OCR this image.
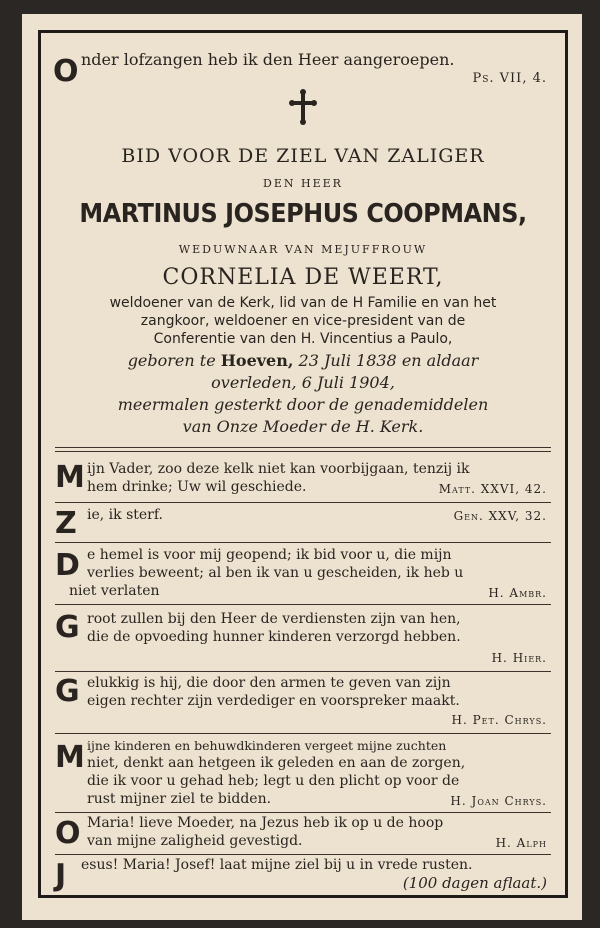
O nder lofzangen heb ik den Heer aangeroepen.
Ps. VII, 4.
BID VOOR DE ZIEL VAN ZALIGER
DEN HEER
MARTINUS JOSEPHUS COOPMANS,
WEDUWNAAR VAN MEJUFFROUW
CORNELIA DE WEERT,
weldoener van de Kerk, lid van de H Familie en van het
zangkoor, weldoener en vice-president van de
Conferentie van den H. Vincentius a Paulo,
geboren te Hoeven, 23 Juli 1838 en aldaar
overleden, 6 Juli 1904,
meermalen gesterkt door de genademiddelen
van Onze Moeder de H. Kerk.
M ijn Vader, zoo deze kelk niet kan voorbijgaan, tenzij ik
hem drinke; Uw wil geschiede.	Matt. XXVI, 42.
Z ie, ik sterf.	Gen. XXV, 32.
D e hemel is voor mij geopend; ik bid voor u, die mijn
verlies beweent; al ben ik van u gescheiden, ik heb u
niet verlaten	H. Ambr.
G root zullen bij den Heer de verdiensten zijn van hen,
die de opvoeding hunner kinderen verzorgd hebben.
H. Hier.
G elukkig is hij, die door den armen te geven van zijn
eigen rechter zijn verdediger en voorspreker maakt.
H. Pet. Chrys.
M ijne kinderen en behuwdkinderen vergeet mijne zuchten
niet, denkt aan hetgeen ik geleden en aan de zorgen,
die ik voor u gehad heb; legt u den plicht op voor de
rust mijner ziel te bidden.	H. Joan Chrys.
O Maria! lieve Moeder, na Jezus heb ik op u de hoop
van mijne zaligheid gevestigd.	H. Alph
J esus! Maria! Josef! laat mijne ziel bij u in vrede rusten.
(100 dagen aflaat.)
